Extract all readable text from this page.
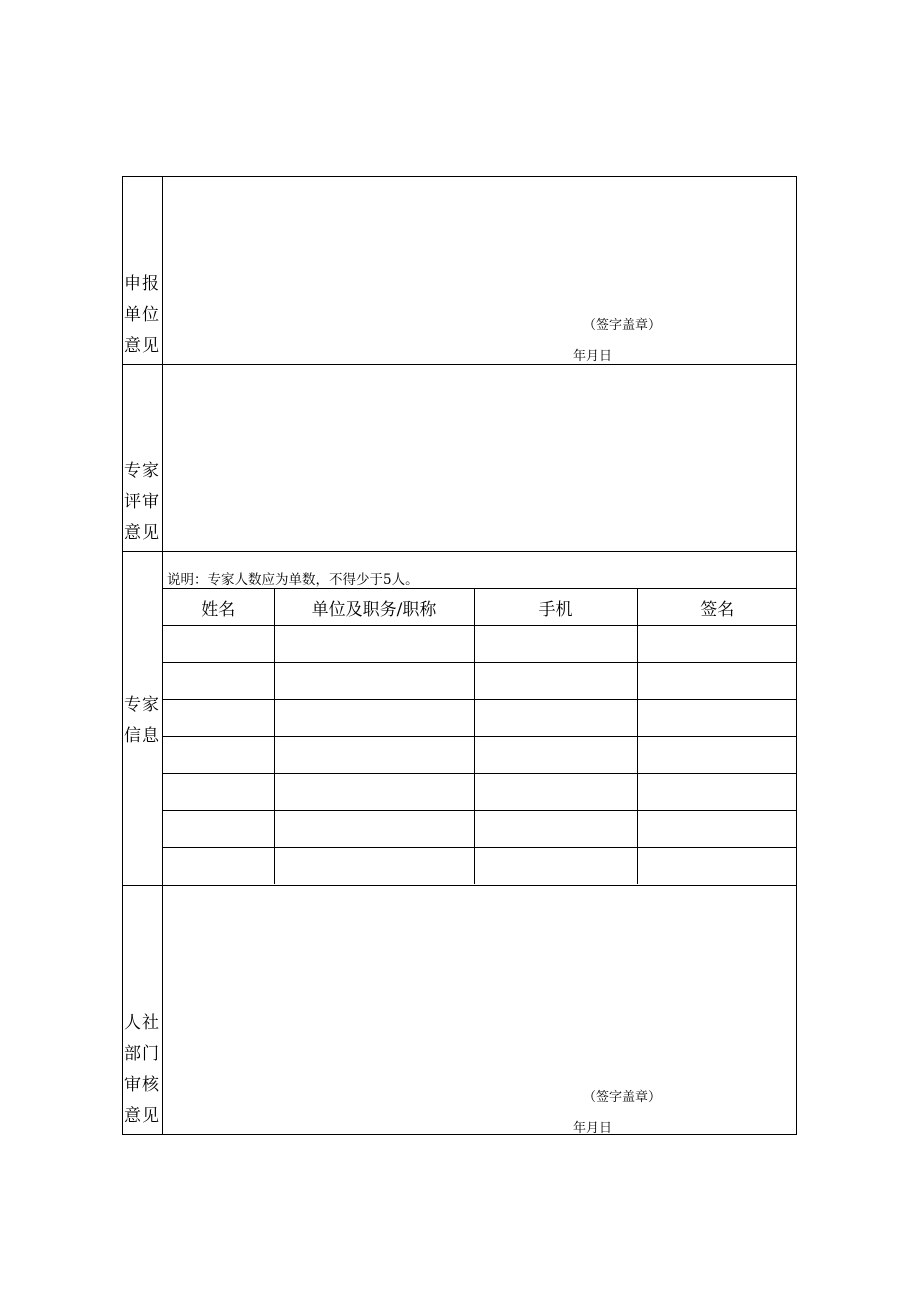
申报单位意见
（签字盖章）
年月日
专家评审意见
专家信息
说明：专家人数应为单数，不得少于5人。
姓名	单位及职务/职称	手机	签名

人社部门审核意见
（签字盖章）
年月日
